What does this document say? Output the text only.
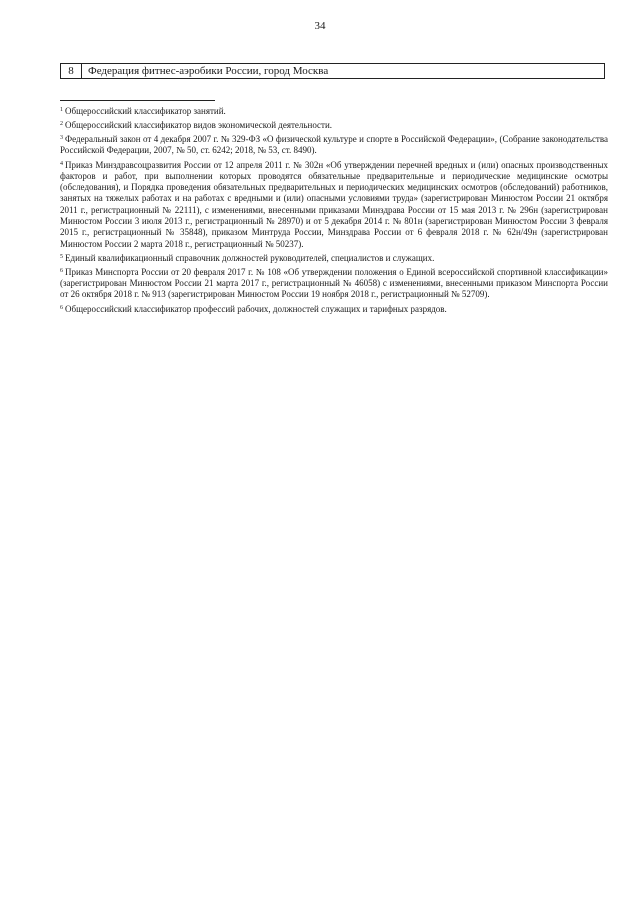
34
8	Федерация фитнес-аэробики России, город Москва

$^1$ Общероссийский классификатор занятий.

$^2$ Общероссийский классификатор видов экономической деятельности.

$^3$ Федеральный закон от 4 декабря 2007 г. № 329-ФЗ «О физической культуре и спорте в Российской Федерации», (Собрание законодательства Российской Федерации, 2007, № 50, ст. 6242; 2018, № 53, ст. 8490).

$^4$ Приказ Минздравсоцразвития России от 12 апреля 2011 г. № 302н «Об утверждении перечней вредных и (или) опасных производственных факторов и работ, при выполнении которых проводятся обязательные предварительные и периодические медицинские осмотры (обследования), и Порядка проведения обязательных предварительных и периодических медицинских осмотров (обследований) работников, занятых на тяжелых работах и на работах с вредными и (или) опасными условиями труда» (зарегистрирован Минюстом России 21 октября 2011 г., регистрационный № 22111), с изменениями, внесенными приказами Минздрава России от 15 мая 2013 г. № 296н (зарегистрирован Минюстом России 3 июля 2013 г., регистрационный № 28970) и от 5 декабря 2014 г. № 801н (зарегистрирован Минюстом России 3 февраля 2015 г., регистрационный № 35848), приказом Минтруда России, Минздрава России от 6 февраля 2018 г. № 62н/49н (зарегистрирован Минюстом России 2 марта 2018 г., регистрационный № 50237).

$^5$ Единый квалификационный справочник должностей руководителей, специалистов и служащих.

$^6$ Приказ Минспорта России от 20 февраля 2017 г. № 108 «Об утверждении положения о Единой всероссийской спортивной классификации» (зарегистрирован Минюстом России 21 марта 2017 г., регистрационный № 46058) с изменениями, внесенными приказом Минспорта России от 26 октября 2018 г. № 913 (зарегистрирован Минюстом России 19 ноября 2018 г., регистрационный № 52709).

$^6$ Общероссийский классификатор профессий рабочих, должностей служащих и тарифных разрядов.
